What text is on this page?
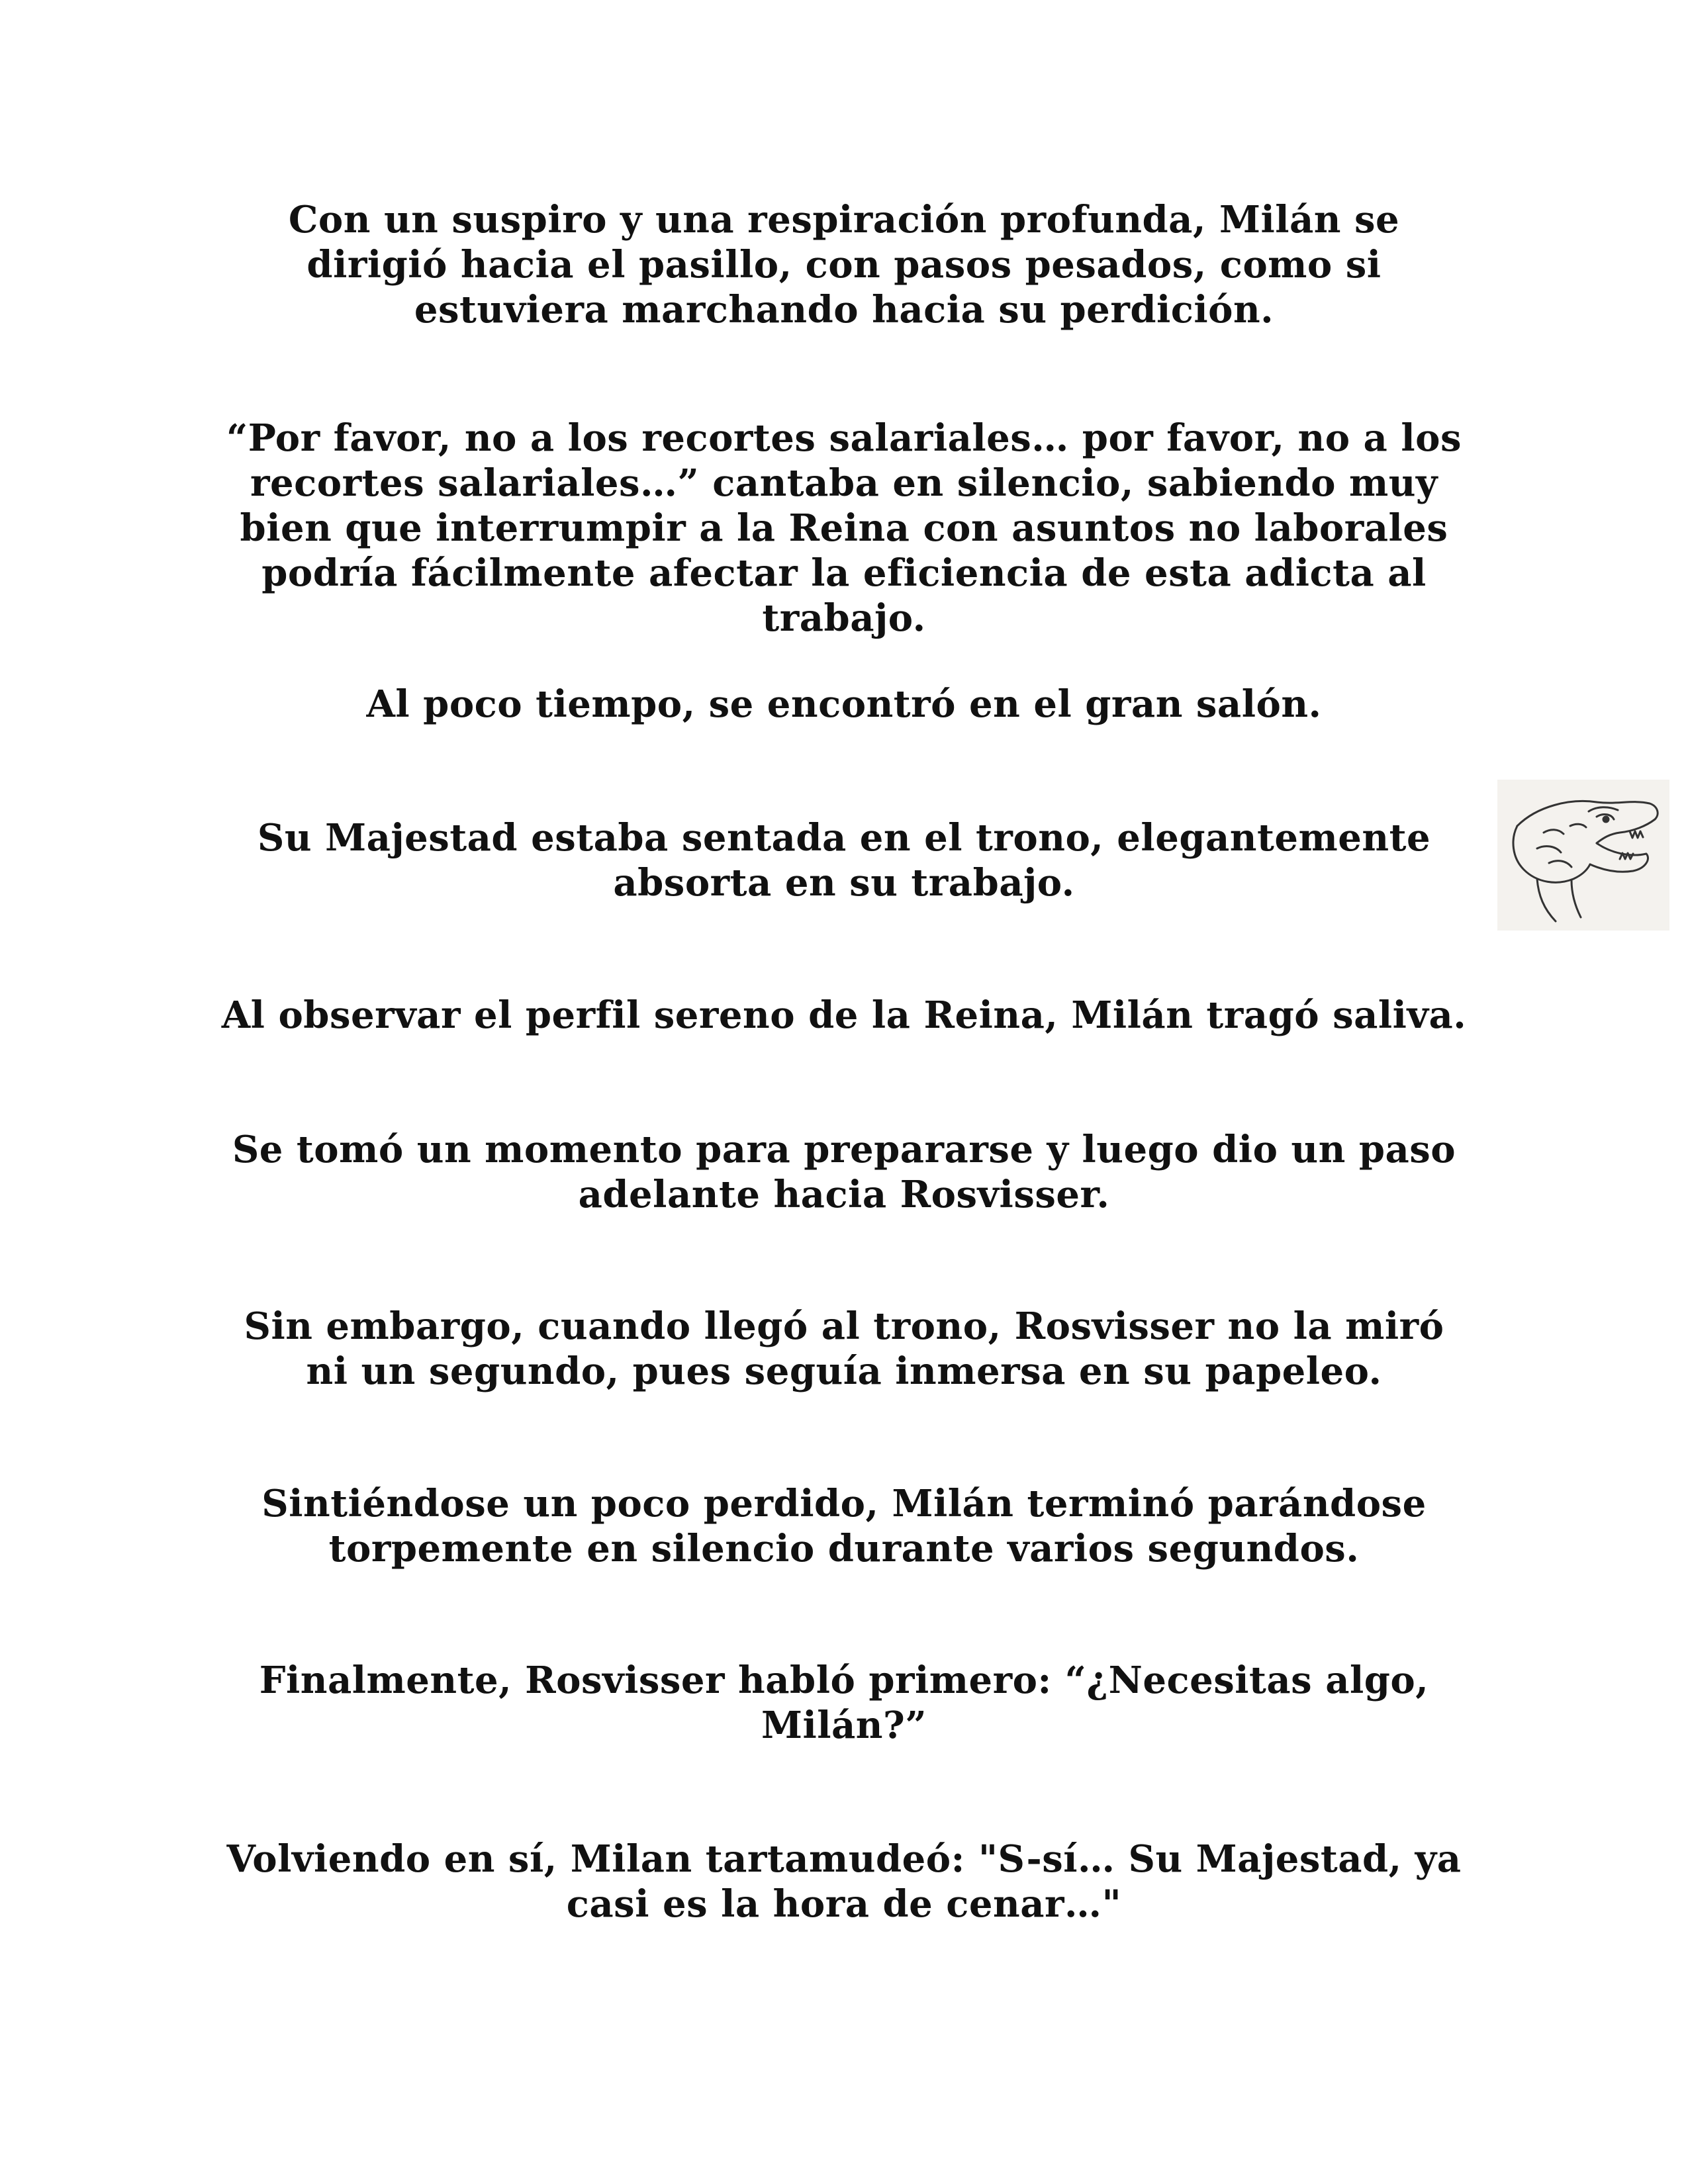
Con un suspiro y una respiración profunda, Milán se dirigió hacia el pasillo, con pasos pesados, como si estuviera marchando hacia su perdición.

“Por favor, no a los recortes salariales… por favor, no a los recortes salariales…” cantaba en silencio, sabiendo muy bien que interrumpir a la Reina con asuntos no laborales podría fácilmente afectar la eficiencia de esta adicta al trabajo.

Al poco tiempo, se encontró en el gran salón.

Su Majestad estaba sentada en el trono, elegantemente absorta en su trabajo.

Al observar el perfil sereno de la Reina, Milán tragó saliva.

Se tomó un momento para prepararse y luego dio un paso adelante hacia Rosvisser.

Sin embargo, cuando llegó al trono, Rosvisser no la miró ni un segundo, pues seguía inmersa en su papeleo.

Sintiéndose un poco perdido, Milán terminó parándose torpemente en silencio durante varios segundos.

Finalmente, Rosvisser habló primero: “¿Necesitas algo, Milán?”

Volviendo en sí, Milan tartamudeó: "S-sí… Su Majestad, ya casi es la hora de cenar…"
